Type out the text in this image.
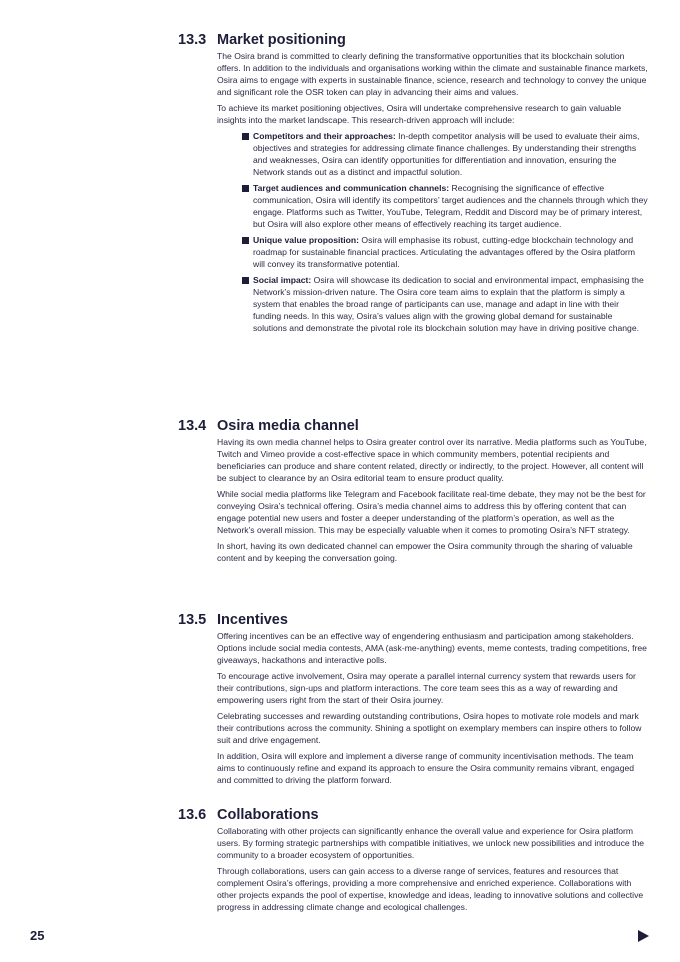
13.3 Market positioning

The Osira brand is committed to clearly defining the transformative opportunities that its blockchain solution offers. In addition to the individuals and organisations working within the climate and sustainable finance markets, Osira aims to engage with experts in sustainable finance, science, research and technology to convey the unique and significant role the OSR token can play in advancing their aims and values.

To achieve its market positioning objectives, Osira will undertake comprehensive research to gain valuable insights into the market landscape. This research-driven approach will include:

Competitors and their approaches: In-depth competitor analysis will be used to evaluate their aims, objectives and strategies for addressing climate finance challenges. By understanding their strengths and weaknesses, Osira can identify opportunities for differentiation and innovation, ensuring the Network stands out as a distinct and impactful solution.
Target audiences and communication channels: Recognising the significance of effective communication, Osira will identify its competitors’ target audiences and the channels through which they engage. Platforms such as Twitter, YouTube, Telegram, Reddit and Discord may be of primary interest, but Osira will also explore other means of effectively reaching its target audience.
Unique value proposition: Osira will emphasise its robust, cutting-edge blockchain technology and roadmap for sustainable financial practices. Articulating the advantages offered by the Osira platform will convey its transformative potential.
Social impact: Osira will showcase its dedication to social and environmental impact, emphasising the Network’s mission-driven nature. The Osira core team aims to explain that the platform is simply a system that enables the broad range of participants can use, manage and adapt in line with their funding needs. In this way, Osira’s values align with the growing global demand for sustainable solutions and demonstrate the pivotal role its blockchain solution may have in driving positive change.
13.4 Osira media channel

Having its own media channel helps to Osira greater control over its narrative. Media platforms such as YouTube, Twitch and Vimeo provide a cost-effective space in which community members, potential recipients and beneficiaries can produce and share content related, directly or indirectly, to the project. However, all content will be subject to clearance by an Osira editorial team to ensure product quality.

While social media platforms like Telegram and Facebook facilitate real-time debate, they may not be the best for conveying Osira’s technical offering. Osira’s media channel aims to address this by offering content that can engage potential new users and foster a deeper understanding of the platform’s operation, as well as the Network’s overall mission. This may be especially valuable when it comes to promoting Osira’s NFT strategy.

In short, having its own dedicated channel can empower the Osira community through the sharing of valuable content and by keeping the conversation going.

13.5 Incentives

Offering incentives can be an effective way of engendering enthusiasm and participation among stakeholders. Options include social media contests, AMA (ask-me-anything) events, meme contests, trading competitions, free giveaways, hackathons and interactive polls.

To encourage active involvement, Osira may operate a parallel internal currency system that rewards users for their contributions, sign-ups and platform interactions. The core team sees this as a way of rewarding and empowering users right from the start of their Osira journey.

Celebrating successes and rewarding outstanding contributions, Osira hopes to motivate role models and mark their contributions across the community. Shining a spotlight on exemplary members can inspire others to follow suit and drive engagement.

In addition, Osira will explore and implement a diverse range of community incentivisation methods. The team aims to continuously refine and expand its approach to ensure the Osira community remains vibrant, engaged and committed to driving the platform forward.

13.6 Collaborations

Collaborating with other projects can significantly enhance the overall value and experience for Osira platform users. By forming strategic partnerships with compatible initiatives, we unlock new possibilities and introduce the community to a broader ecosystem of opportunities.

Through collaborations, users can gain access to a diverse range of services, features and resources that complement Osira’s offerings, providing a more comprehensive and enriched experience. Collaborations with other projects expands the pool of expertise, knowledge and ideas, leading to innovative solutions and collective progress in addressing climate change and ecological challenges.

25
